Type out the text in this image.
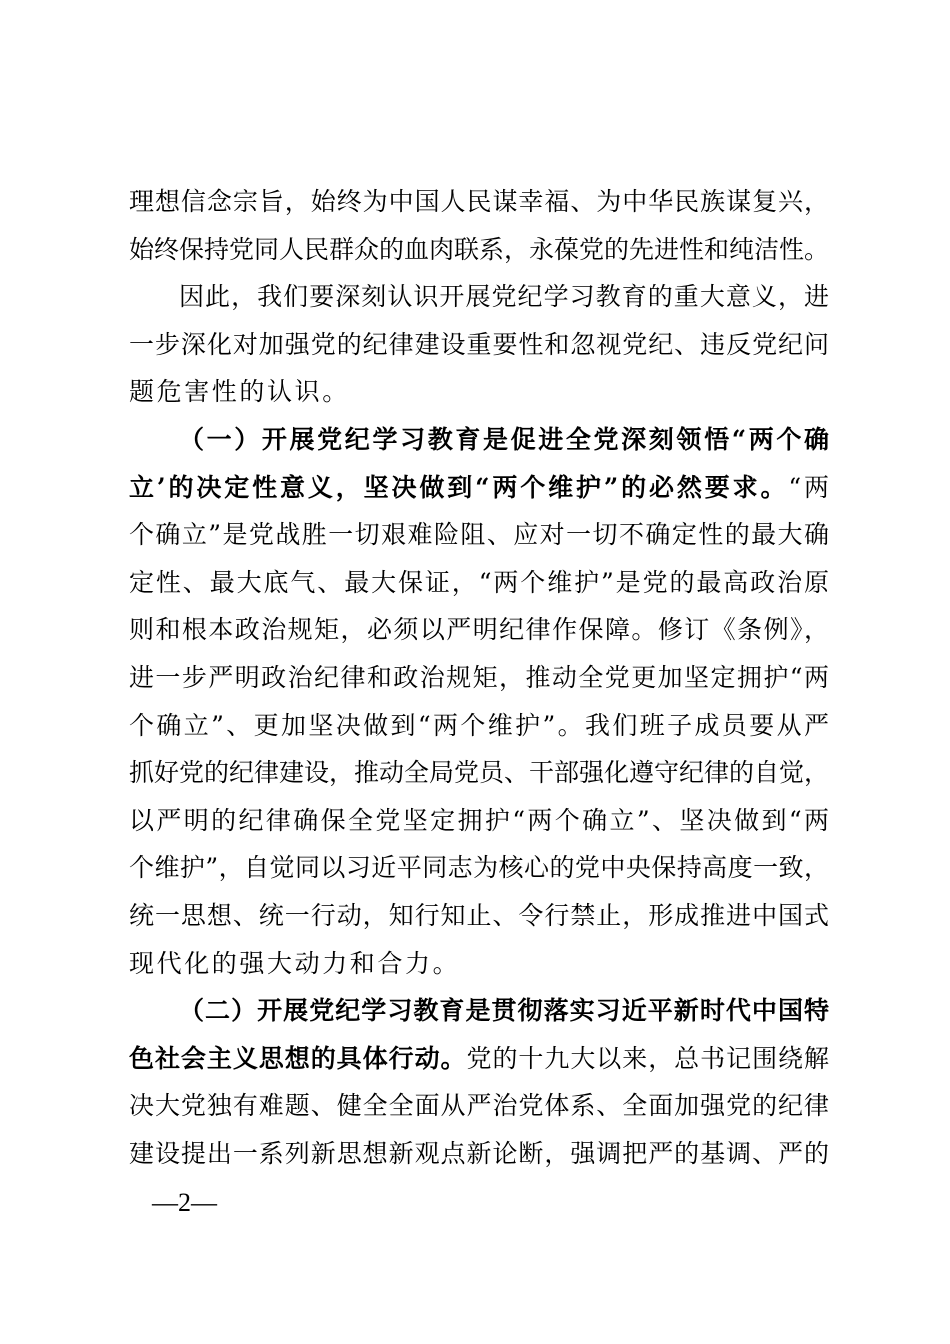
理想信念宗旨，始终为中国人民谋幸福、为中华民族谋复兴，
始终保持党同人民群众的血肉联系，永葆党的先进性和纯洁性。
因此，我们要深刻认识开展党纪学习教育的重大意义，进
一步深化对加强党的纪律建设重要性和忽视党纪、违反党纪问
题危害性的认识。
（一）开展党纪学习教育是促进全党深刻领悟“两个确
立’的决定性意义，坚决做到“两个维护”的必然要求。“两
个确立”是党战胜一切艰难险阻、应对一切不确定性的最大确
定性、最大底气、最大保证，“两个维护”是党的最高政治原
则和根本政治规矩，必须以严明纪律作保障。修订《条例》，
进一步严明政治纪律和政治规矩，推动全党更加坚定拥护“两
个确立”、更加坚决做到“两个维护”。我们班子成员要从严
抓好党的纪律建设，推动全局党员、干部强化遵守纪律的自觉，
以严明的纪律确保全党坚定拥护“两个确立”、坚决做到“两
个维护”，自觉同以习近平同志为核心的党中央保持高度一致，
统一思想、统一行动，知行知止、令行禁止，形成推进中国式
现代化的强大动力和合力。
（二）开展党纪学习教育是贯彻落实习近平新时代中国特
色社会主义思想的具体行动。党的十九大以来，总书记围绕解
决大党独有难题、健全全面从严治党体系、全面加强党的纪律
建设提出一系列新思想新观点新论断，强调把严的基调、严的
—2—
